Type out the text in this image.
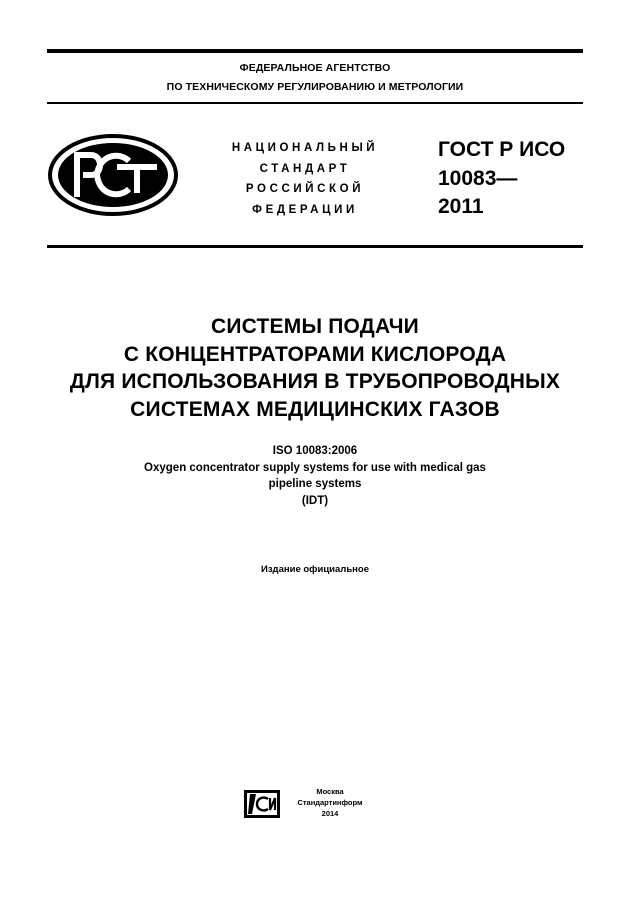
ФЕДЕРАЛЬНОЕ АГЕНТСТВО
ПО ТЕХНИЧЕСКОМУ РЕГУЛИРОВАНИЮ И МЕТРОЛОГИИ
НАЦИОНАЛЬНЫЙ
СТАНДАРТ
РОССИЙСКОЙ
ФЕДЕРАЦИИ
ГОСТ Р ИСО
10083—
2011
СИСТЕМЫ ПОДАЧИ
С КОНЦЕНТРАТОРАМИ КИСЛОРОДА
ДЛЯ ИСПОЛЬЗОВАНИЯ В ТРУБОПРОВОДНЫХ
СИСТЕМАХ МЕДИЦИНСКИХ ГАЗОВ
ISO 10083:2006
Oxygen concentrator supply systems for use with medical gas
pipeline systems
(IDT)
Издание официальное
Москва
Стандартинформ
2014
